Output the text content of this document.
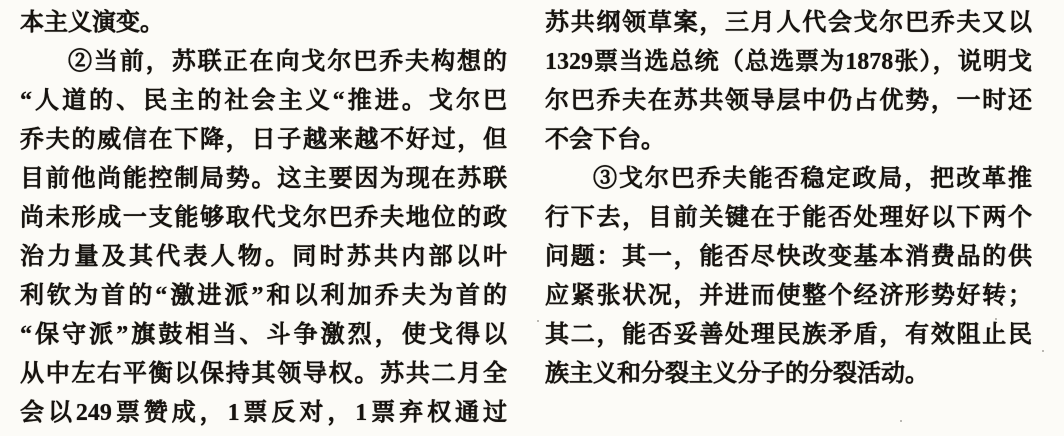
本主义演变。
②当前，苏联正在向戈尔巴乔夫构想的
“人道的、民主的社会主义“推进。戈尔巴
乔夫的威信在下降，日子越来越不好过，但
目前他尚能控制局势。这主要因为现在苏联
尚未形成一支能够取代戈尔巴乔夫地位的政
治力量及其代表人物。同时苏共内部以叶
利钦为首的“激进派”和以利加乔夫为首的
“保守派”旗鼓相当、斗争激烈，使戈得以
从中左右平衡以保持其领导权。苏共二月全
会以249票赞成，1票反对，1票弃权通过
苏共纲领草案，三月人代会戈尔巴乔夫又以
1329票当选总统（总选票为1878张），说明戈
尔巴乔夫在苏共领导层中仍占优势，一时还
不会下台。
③戈尔巴乔夫能否稳定政局，把改革推
行下去，目前关键在于能否处理好以下两个
问题：其一，能否尽快改变基本消费品的供
应紧张状况，并进而使整个经济形势好转；
其二，能否妥善处理民族矛盾，有效阻止民
族主义和分裂主义分子的分裂活动。
